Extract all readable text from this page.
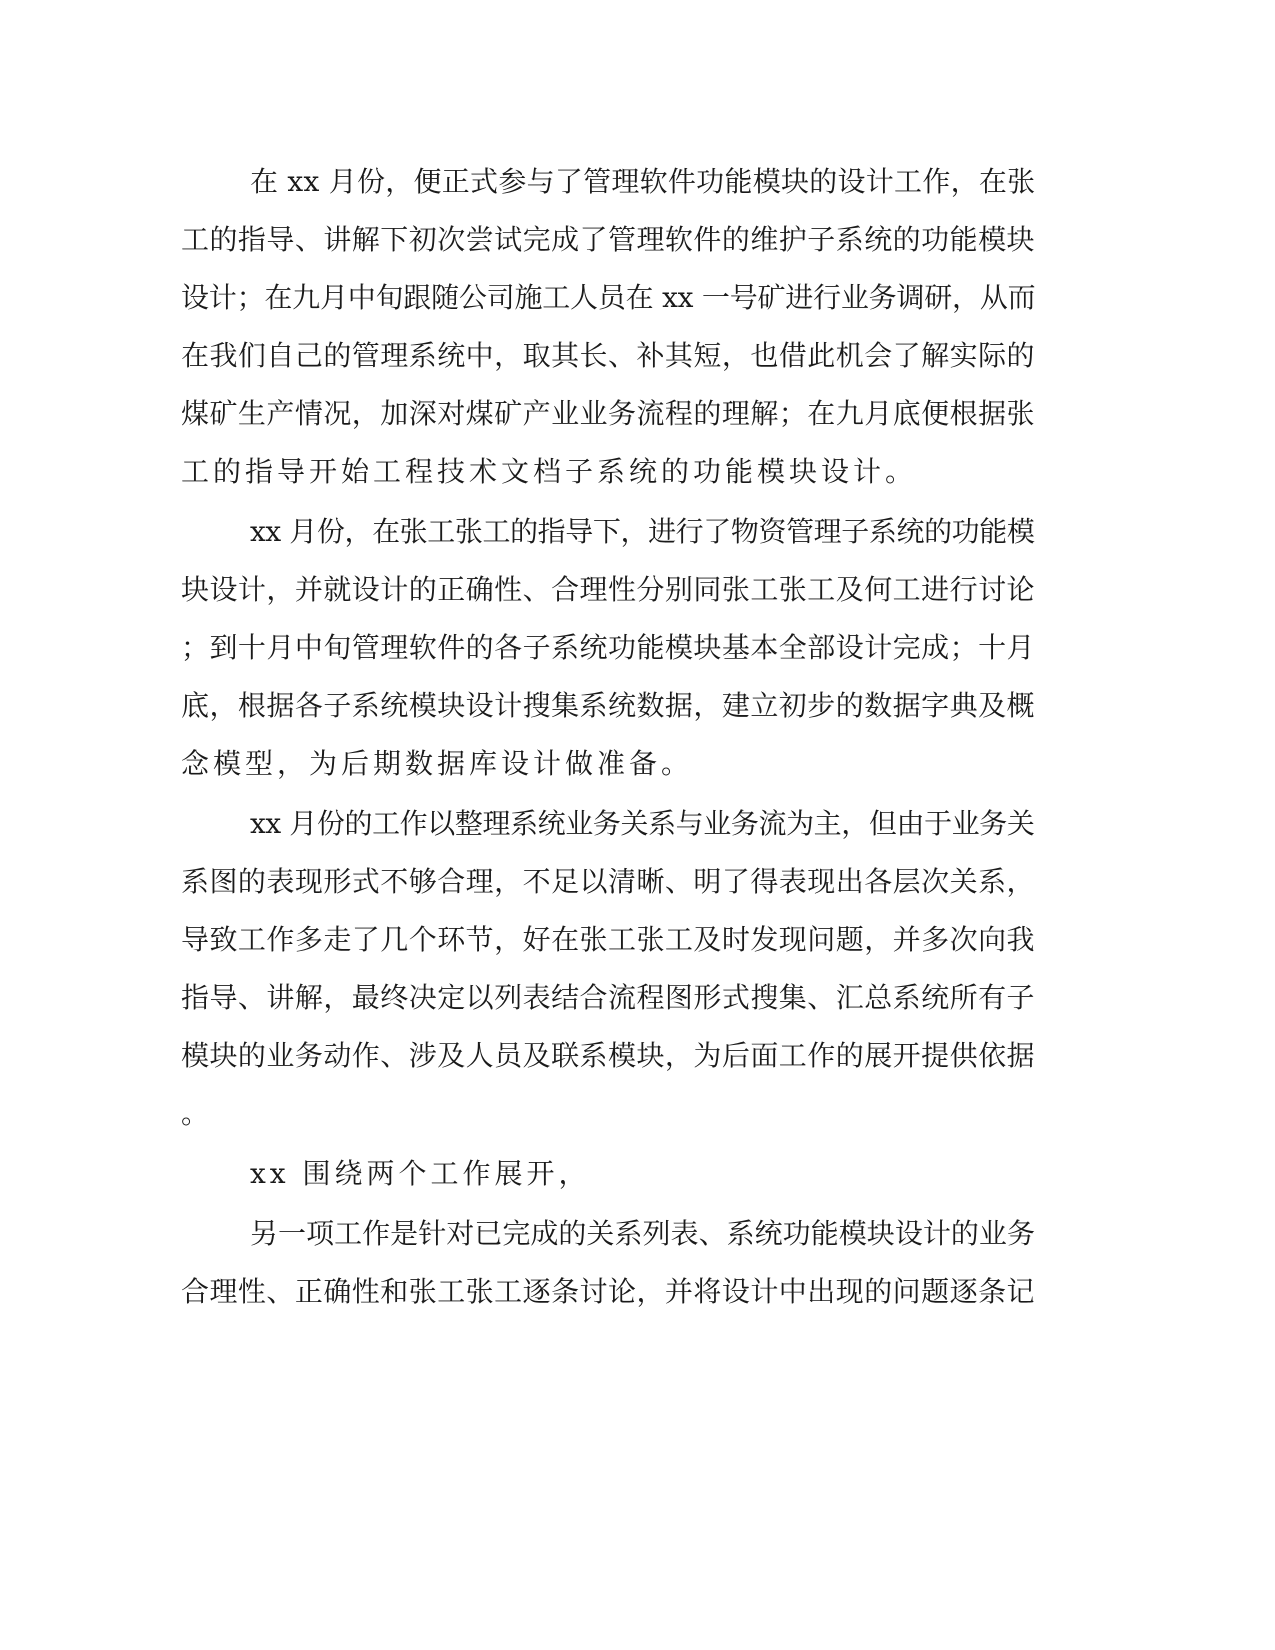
在 xx 月份，便正式参与了管理软件功能模块的设计工作，在张
工的指导、讲解下初次尝试完成了管理软件的维护子系统的功能模块
设计；在九月中旬跟随公司施工人员在 xx 一号矿进行业务调研，从而
在我们自己的管理系统中，取其长、补其短，也借此机会了解实际的
煤矿生产情况，加深对煤矿产业业务流程的理解；在九月底便根据张
工的指导开始工程技术文档子系统的功能模块设计。
xx 月份，在张工张工的指导下，进行了物资管理子系统的功能模
块设计，并就设计的正确性、合理性分别同张工张工及何工进行讨论
；到十月中旬管理软件的各子系统功能模块基本全部设计完成；十月
底，根据各子系统模块设计搜集系统数据，建立初步的数据字典及概
念模型，为后期数据库设计做准备。
xx 月份的工作以整理系统业务关系与业务流为主，但由于业务关
系图的表现形式不够合理，不足以清晰、明了得表现出各层次关系，
导致工作多走了几个环节，好在张工张工及时发现问题，并多次向我
指导、讲解，最终决定以列表结合流程图形式搜集、汇总系统所有子
模块的业务动作、涉及人员及联系模块，为后面工作的展开提供依据
。
xx 围绕两个工作展开，
另一项工作是针对已完成的关系列表、系统功能模块设计的业务
合理性、正确性和张工张工逐条讨论，并将设计中出现的问题逐条记
